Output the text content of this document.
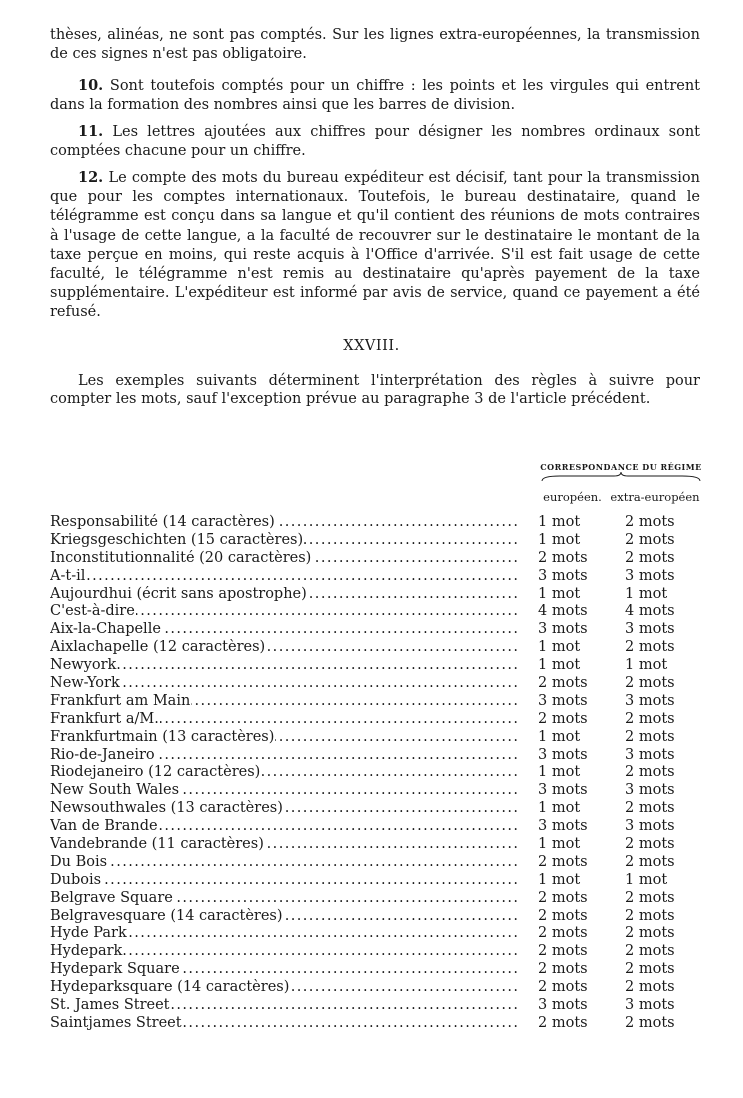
thèses, alinéas, ne sont pas comptés. Sur les lignes extra-européennes, la transmission de ces signes n'est pas obligatoire.

10. Sont toutefois comptés pour un chiffre : les points et les virgules qui entrent dans la formation des nombres ainsi que les barres de division.

11. Les lettres ajoutées aux chiffres pour désigner les nombres ordinaux sont comptées chacune pour un chiffre.

12. Le compte des mots du bureau expéditeur est décisif, tant pour la transmission que pour les comptes internationaux. Toutefois, le bureau destinataire, quand le télégramme est conçu dans sa langue et qu'il contient des réunions de mots contraires à l'usage de cette langue, a la faculté de recouvrer sur le destinataire le montant de la taxe perçue en moins, qui reste acquis à l'Office d'arrivée. S'il est fait usage de cette faculté, le télégramme n'est remis au destinataire qu'après payement de la taxe supplémentaire. L'expéditeur est informé par avis de service, quand ce payement a été refusé.

XXVIII.

Les exemples suivants déterminent l'interprétation des règles à suivre pour compter les mots, sauf l'exception prévue au paragraphe 3 de l'article précédent.

CORRESPONDANCE DU RÉGIME
européen. extra-européen
Responsabilité (14 caractères) . . .	1 mot	2 mots
Kriegsgeschichten (15 caractères) . . .	1 mot	2 mots
Inconstitutionnalité (20 caractères) . . .	2 mots	2 mots
A-t-il . . .	3 mots	3 mots
Aujourdhui (écrit sans apostrophe) . . .	1 mot	1 mot
C'est-à-dire . . .	4 mots	4 mots
Aix-la-Chapelle . . .	3 mots	3 mots
Aixlachapelle (12 caractères) . . .	1 mot	2 mots
Newyork . . .	1 mot	1 mot
New-York . . .	2 mots	2 mots
Frankfurt am Main . . .	3 mots	3 mots
Frankfurt a/M. . . .	2 mots	2 mots
Frankfurtmain (13 caractères) . . .	1 mot	2 mots
Rio-de-Janeiro . . .	3 mots	3 mots
Riodejaneiro (12 caractères) . . .	1 mot	2 mots
New South Wales . . .	3 mots	3 mots
Newsouthwales (13 caractères) . . .	1 mot	2 mots
Van de Brande . . .	3 mots	3 mots
Vandebrande (11 caractères) . . .	1 mot	2 mots
Du Bois . . .	2 mots	2 mots
Dubois . . .	1 mot	1 mot
Belgrave Square . . .	2 mots	2 mots
Belgravesquare (14 caractères) . . .	2 mots	2 mots
Hyde Park . . .	2 mots	2 mots
Hydepark . . .	2 mots	2 mots
Hydepark Square . . .	2 mots	2 mots
Hydeparksquare (14 caractères) . . .	2 mots	2 mots
St. James Street . . .	3 mots	3 mots
Saintjames Street . . .	2 mots	2 mots
